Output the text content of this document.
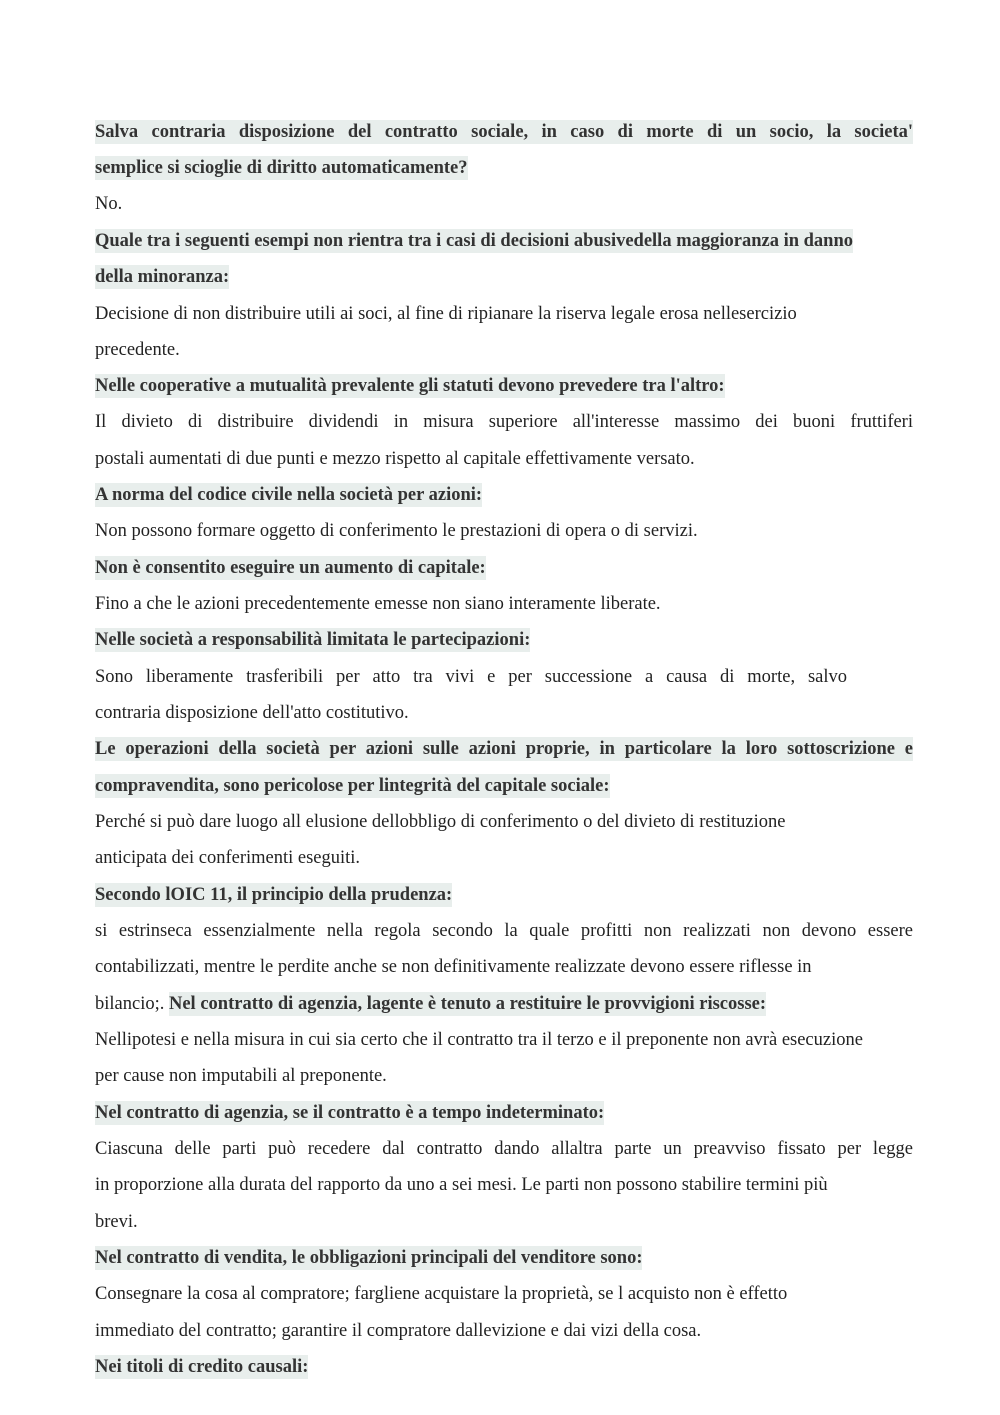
Salva contraria disposizione del contratto sociale, in caso di morte di un socio, la societa'
semplice si scioglie di diritto automaticamente?
No.
Quale tra i seguenti esempi non rientra tra i casi di decisioni abusivedella maggioranza in danno
della minoranza:
Decisione di non distribuire utili ai soci, al fine di ripianare la riserva legale erosa nellesercizio
precedente.
Nelle cooperative a mutualità prevalente gli statuti devono prevedere tra l'altro:
Il divieto di distribuire dividendi in misura superiore all'interesse massimo dei buoni fruttiferi
postali aumentati di due punti e mezzo rispetto al capitale effettivamente versato.
A norma del codice civile nella società per azioni:
Non possono formare oggetto di conferimento le prestazioni di opera o di servizi.
Non è consentito eseguire un aumento di capitale:
Fino a che le azioni precedentemente emesse non siano interamente liberate.
Nelle società a responsabilità limitata le partecipazioni:
Sono liberamente trasferibili per atto tra vivi e per successione a causa di morte, salvo
contraria disposizione dell'atto costitutivo.
Le operazioni della società per azioni sulle azioni proprie, in particolare la loro sottoscrizione e
compravendita, sono pericolose per lintegrità del capitale sociale:
Perché si può dare luogo all elusione dellobbligo di conferimento o del divieto di restituzione
anticipata dei conferimenti eseguiti.
Secondo lOIC 11, il principio della prudenza:
si estrinseca essenzialmente nella regola secondo la quale profitti non realizzati non devono essere
contabilizzati, mentre le perdite anche se non definitivamente realizzate devono essere riflesse in
bilancio;. Nel contratto di agenzia, lagente è tenuto a restituire le provvigioni riscosse:
Nellipotesi e nella misura in cui sia certo che il contratto tra il terzo e il preponente non avrà esecuzione
per cause non imputabili al preponente.
Nel contratto di agenzia, se il contratto è a tempo indeterminato:
Ciascuna delle parti può recedere dal contratto dando allaltra parte un preavviso fissato per legge
in proporzione alla durata del rapporto da uno a sei mesi. Le parti non possono stabilire termini più
brevi.
Nel contratto di vendita, le obbligazioni principali del venditore sono:
Consegnare la cosa al compratore; fargliene acquistare la proprietà, se l acquisto non è effetto
immediato del contratto; garantire il compratore dallevizione e dai vizi della cosa.
Nei titoli di credito causali:
